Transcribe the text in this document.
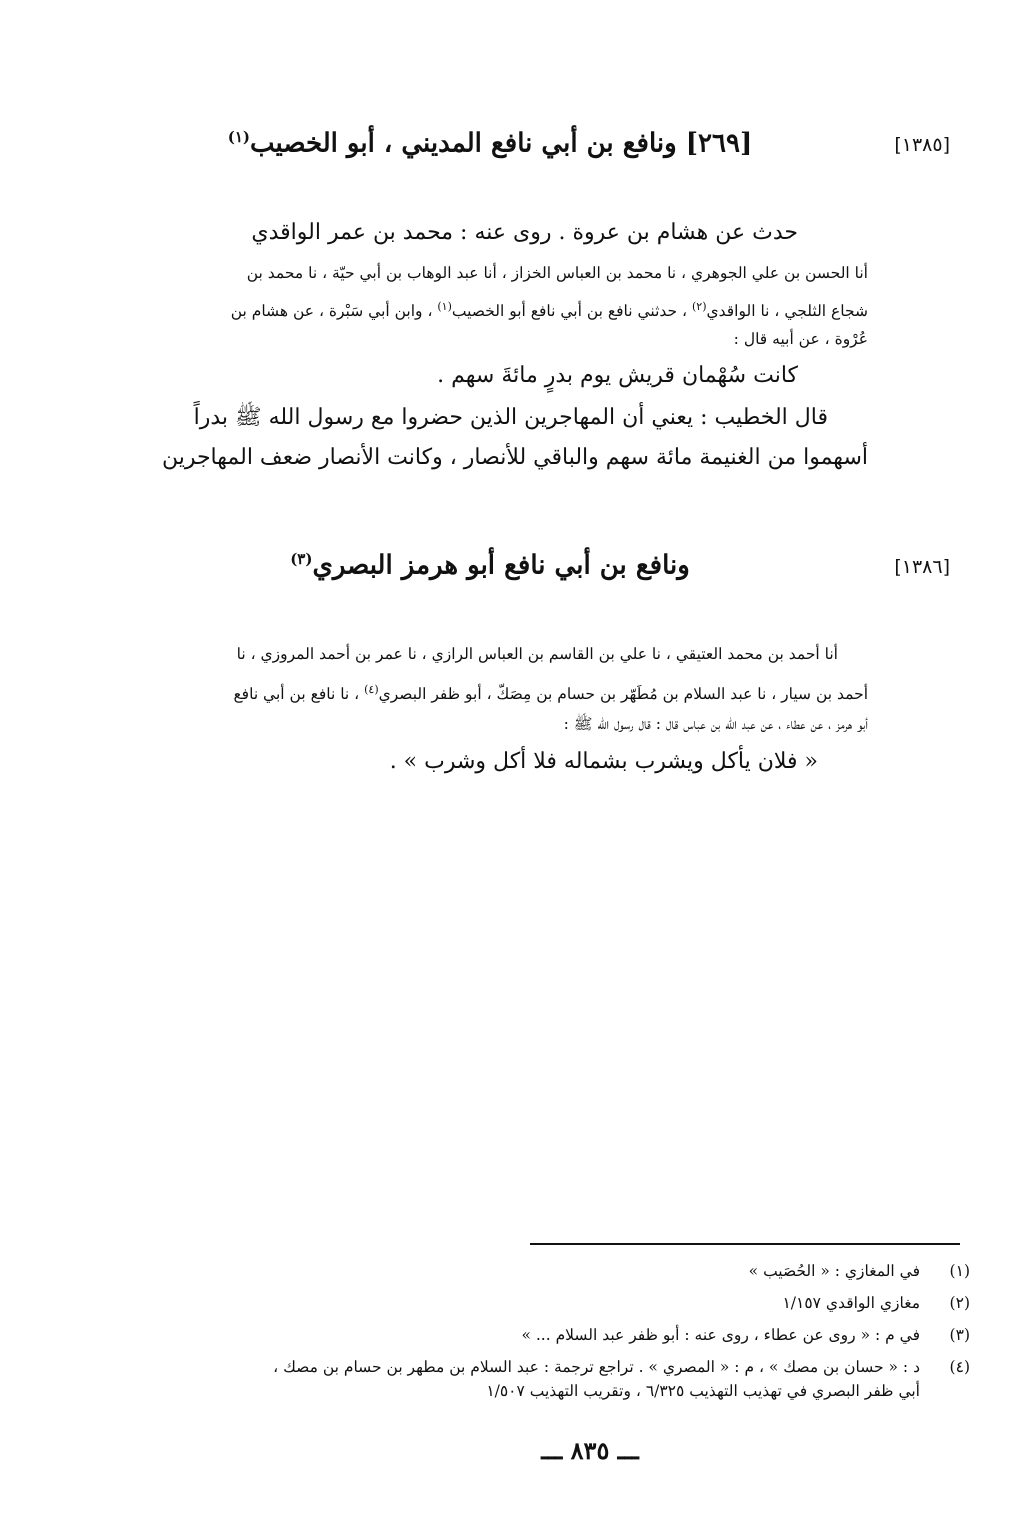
[١٣٨٥]
[٢٦٩] ونافع بن أبي نافع المديني ، أبو الخصيب$^{(١)}$
حدث عن هشام بن عروة . روى عنه : محمد بن عمر الواقدي
أنا الحسن بن علي الجوهري ، نا محمد بن العباس الخزاز ، أنا عبد الوهاب بن أبي حيّة ، نا محمد بن
شجاع الثلجي ، نا الواقدي$^{(٢)}$ ، حدثني نافع بن أبي نافع أبو الخصيب$^{(١)}$ ، وابن أبي سَبْرة ، عن هشام بن
عُرْوة ، عن أبيه قال :
كانت سُهْمان قريش يوم بدرٍ مائةَ سهم .
قال الخطيب : يعني أن المهاجرين الذين حضروا مع رسول الله ﷺ بدراً
أسهموا من الغنيمة مائة سهم والباقي للأنصار ، وكانت الأنصار ضعف المهاجرين
[١٣٨٦]
ونافع بن أبي نافع أبو هرمز البصري$^{(٣)}$
أنا أحمد بن محمد العتيقي ، نا علي بن القاسم بن العباس الرازي ، نا عمر بن أحمد المروزي ، نا
أحمد بن سيار ، نا عبد السلام بن مُطَهّر بن حسام بن مِصَكّ ، أبو ظفر البصري$^{(٤)}$ ، نا نافع بن أبي نافع
أبو هرمز ، عن عطاء ، عن عبد الله بن عباس قال : قال رسول الله ﷺ :
« فلان يأكل ويشرب بشماله فلا أكل وشرب » .
(١)
في المغازي : « الحُصَيب »
(٢)
مغازي الواقدي ١/١٥٧
(٣)
في م : « روى عن عطاء ، روى عنه : أبو ظفر عبد السلام ... »
(٤)
د : « حسان بن مصك » ، م : « المصري » . تراجع ترجمة : عبد السلام بن مطهر بن حسام بن مصك ،
أبي ظفر البصري في تهذيب التهذيب ٦/٣٢٥ ، وتقريب التهذيب ١/٥٠٧
ـــ ٨٣٥ ـــ
